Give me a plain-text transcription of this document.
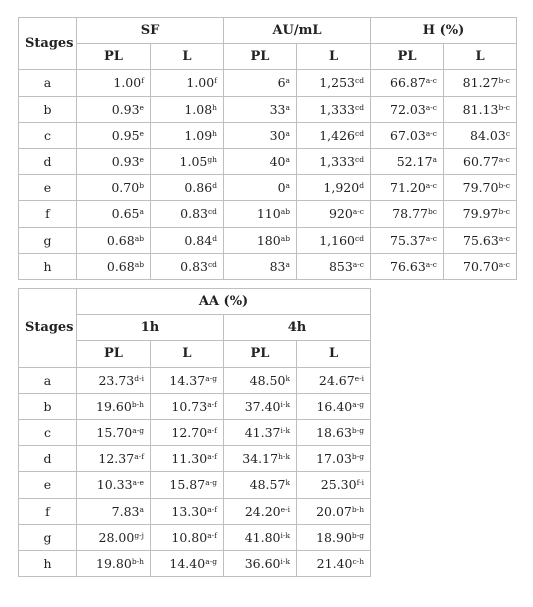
Stages	SF		AU/mL		H (%)	
	PL	L	PL	L	PL	L
a	1.00$^f$	1.00$^f$	6$^a$	1,253$^{cd}$	66.87$^{a-c}$	81.27$^{b-c}$
b	0.93e	1.08$^h$	33$^a$	1,333$^{cd}$	72.03$^{a-c}$	81.13$^{b-c}$
c	0.95e	1.09$^h$	30$^a$	1,426$^{cd}$	67.03$^{a-c}$	84.03$^c$
d	0.93e	1.05$^{gh}$	40$^a$	1,333$^{cd}$	52.17$^a$	60.77$^{a-c}$
e	0.70$^b$	0.86$^d$	0$^a$	1,920$^d$	71.20$^{a-c}$	79.70$^{b-c}$
f	0.65$^a$	0.83$^{cd}$	$110^{ab}$	920$^{a-c}$	78.77$^{bc}$	79.97$^{b-c}$
g	0.68$^{ab}$	0.84$^d$	$180^{ab}$	1,160$^{cd}$	75.37$^{a-c}$	75.63$^{a-c}$
h	0.68$^{ab}$	0.83$^{cd}$	83$^a$	853$^{a-c}$	76.63$^{a-c}$	70.70$^{a-c}$
Stages	AA (%)			
	1h		4h	
	PL	L	PL	L
a	23.73$^{d-i}$	14.37$^{a-g}$	48.50$^k$	24.67$^{e-i}$
b	19.60$^{b-h}$	10.73$^{a-f}$	37.40$^{i-k}$	16.40$^{a-g}$
c	15.70$^{a-g}$	12.70$^{a-f}$	41.37$^{i-k}$	18.63$^{b-g}$
d	12.37$^{a-f}$	11.30$^{a-f}$	34.17$^{h-k}$	17.03$^{b-g}$
e	10.33$^{a-e}$	15.87$^{a-g}$	48.57$^k$	25.30$^{f-i}$
f	7.83$^a$	13.30$^{a-f}$	24.20$^{e-i}$	20.07$^{b-h}$
g	28.00$^{g-j}$	10.80$^{a-f}$	41.80$^{i-k}$	18.90$^{b-g}$
h	19.80$^{b-h}$	14.40$^{a-g}$	36.60$^{i-k}$	21.40$^{c-h}$
